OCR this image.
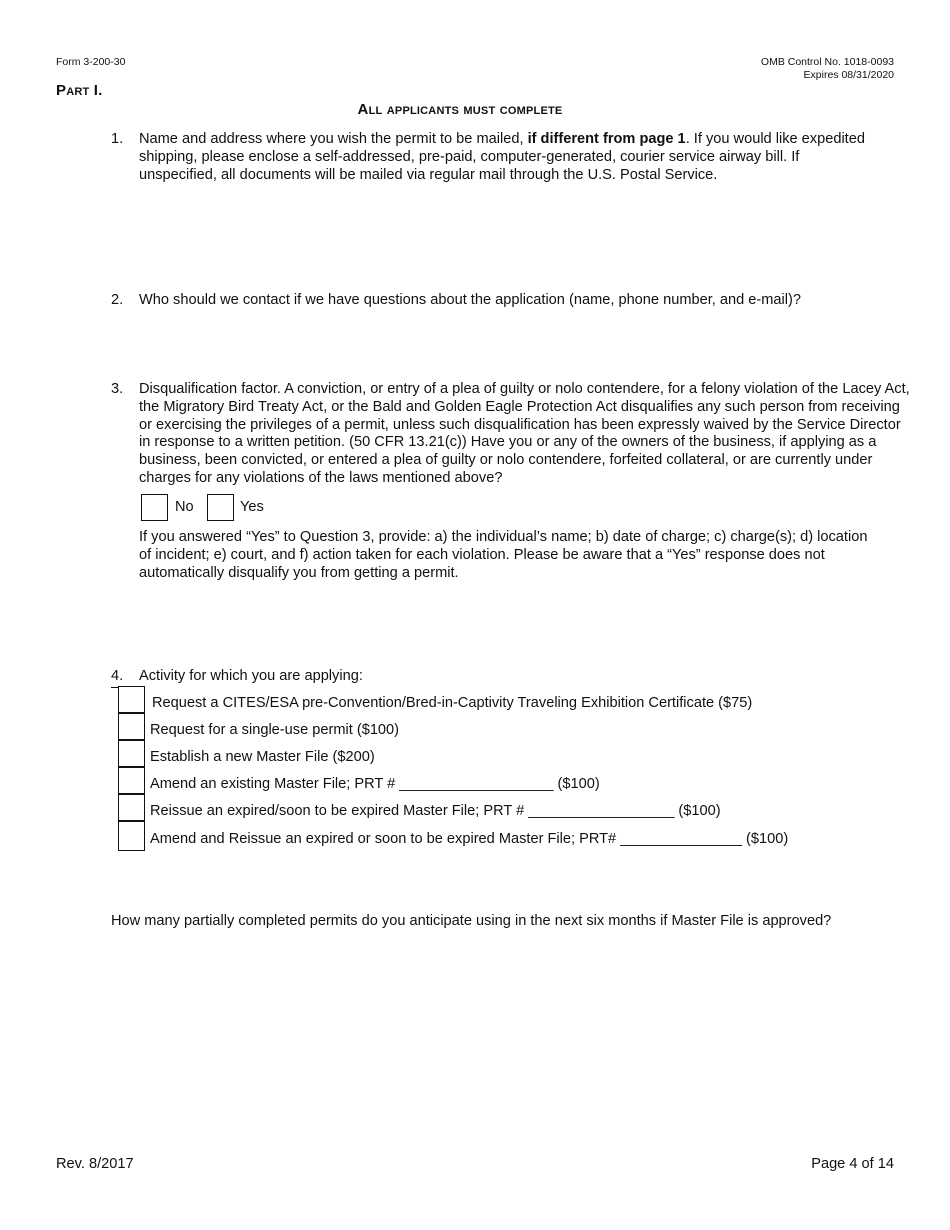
Form 3-200-30	OMB Control No. 1018-0093
Expires 08/31/2020
Part I.
All applicants must complete
1.	Name and address where you wish the permit to be mailed, if different from page 1. If you would like expedited shipping, please enclose a self-addressed, pre-paid, computer-generated, courier service airway bill. If unspecified, all documents will be mailed via regular mail through the U.S. Postal Service.
2.	Who should we contact if we have questions about the application (name, phone number, and e-mail)?
3.	Disqualification factor. A conviction, or entry of a plea of guilty or nolo contendere, for a felony violation of the Lacey Act, the Migratory Bird Treaty Act, or the Bald and Golden Eagle Protection Act disqualifies any such person from receiving or exercising the privileges of a permit, unless such disqualification has been expressly waived by the Service Director in response to a written petition. (50 CFR 13.21(c)) Have you or any of the owners of the business, if applying as a business, been convicted, or entered a plea of guilty or nolo contendere, forfeited collateral, or are currently under charges for any violations of the laws mentioned above?
No	Yes
If you answered “Yes” to Question 3, provide: a) the individual’s name; b) date of charge; c) charge(s); d) location of incident; e) court, and f) action taken for each violation. Please be aware that a “Yes” response does not automatically disqualify you from getting a permit.
4.	Activity for which you are applying:
Request a CITES/ESA pre-Convention/Bred-in-Captivity Traveling Exhibition Certificate ($75)
Request for a single-use permit ($100)
Establish a new Master File ($200)
Amend an existing Master File; PRT # ___________________ ($100)
Reissue an expired/soon to be expired Master File; PRT # __________________ ($100)
Amend and Reissue an expired or soon to be expired Master File; PRT# _______________ ($100)
How many partially completed permits do you anticipate using in the next six months if Master File is approved?
Rev. 8/2017	Page 4 of 14
